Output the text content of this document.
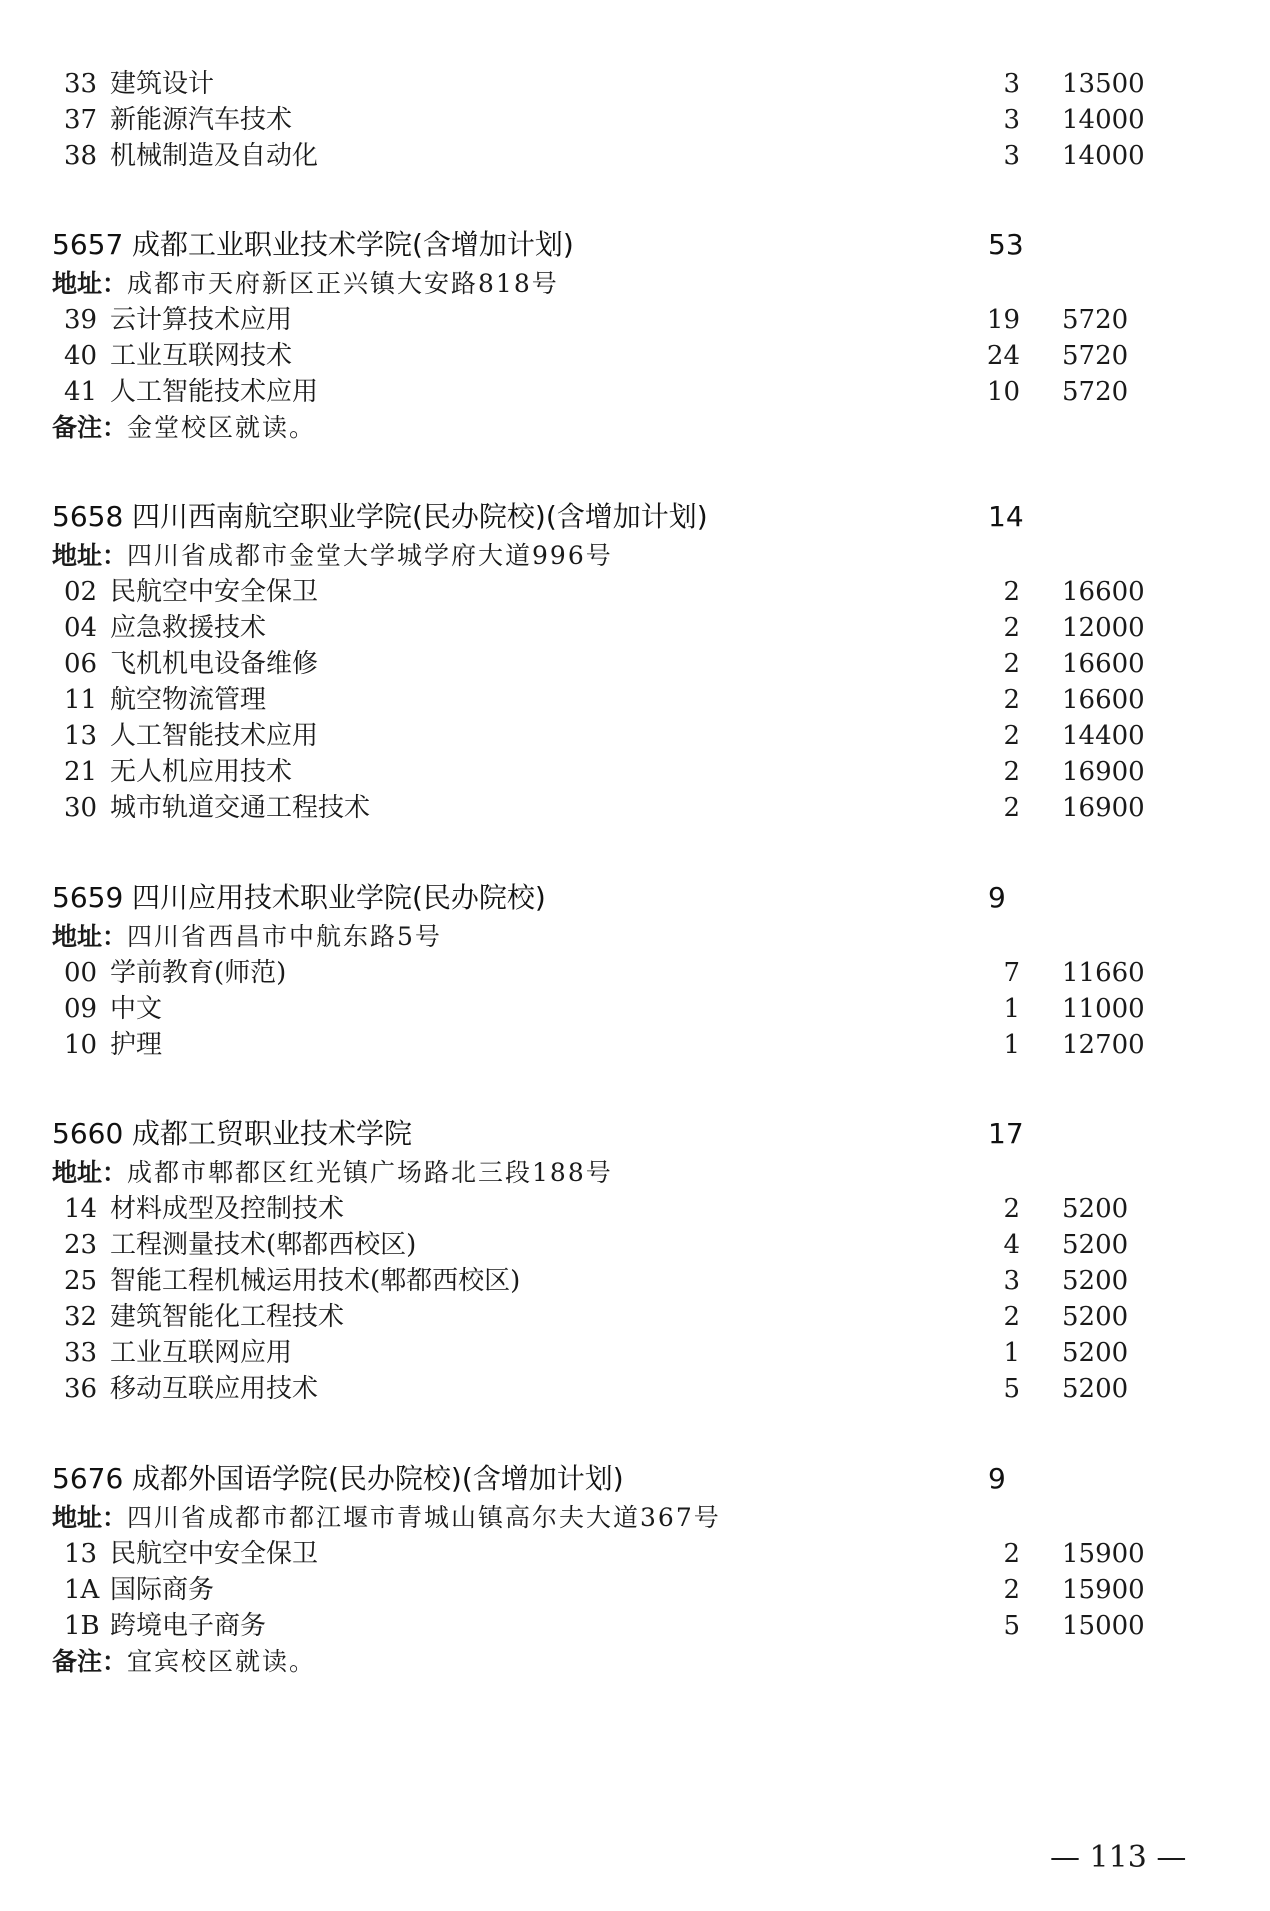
33 建筑设计	3 13500
37 新能源汽车技术	3 14000
38 机械制造及自动化	3 14000
5657 成都工业职业技术学院(含增加计划)	53
地址：成都市天府新区正兴镇大安路818号
39 云计算技术应用	19 5720
40 工业互联网技术	24 5720
41 人工智能技术应用	10 5720
备注：金堂校区就读。
5658 四川西南航空职业学院(民办院校)(含增加计划)	14
地址：四川省成都市金堂大学城学府大道996号
02 民航空中安全保卫	2 16600
04 应急救援技术	2 12000
06 飞机机电设备维修	2 16600
11 航空物流管理	2 16600
13 人工智能技术应用	2 14400
21 无人机应用技术	2 16900
30 城市轨道交通工程技术	2 16900
5659 四川应用技术职业学院(民办院校)	9
地址：四川省西昌市中航东路5号
00 学前教育(师范)	7 11660
09 中文	1 11000
10 护理	1 12700
5660 成都工贸职业技术学院	17
地址：成都市郫都区红光镇广场路北三段188号
14 材料成型及控制技术	2 5200
23 工程测量技术(郫都西校区)	4 5200
25 智能工程机械运用技术(郫都西校区)	3 5200
32 建筑智能化工程技术	2 5200
33 工业互联网应用	1 5200
36 移动互联应用技术	5 5200
5676 成都外国语学院(民办院校)(含增加计划)	9
地址：四川省成都市都江堰市青城山镇高尔夫大道367号
13 民航空中安全保卫	2 15900
1A 国际商务	2 15900
1B 跨境电子商务	5 15000
备注：宜宾校区就读。
— 113 —
